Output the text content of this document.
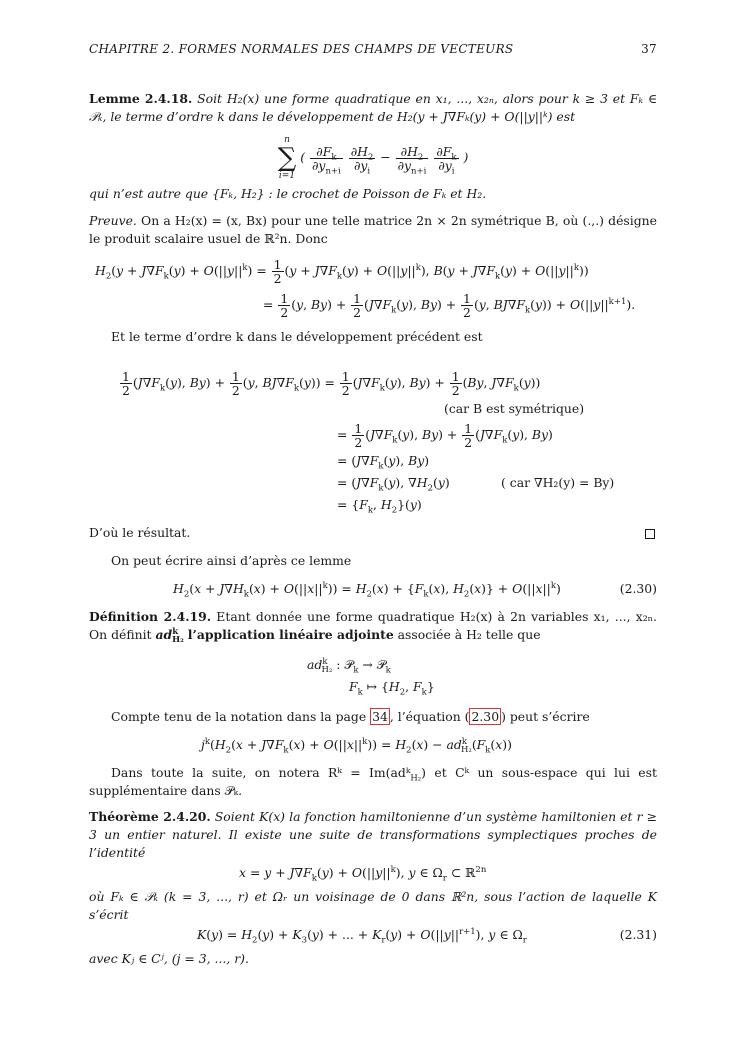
CHAPITRE 2. FORMES NORMALES DES CHAMPS DE VECTEURS	37

Lemme 2.4.18. Soit H₂(x) une forme quadratique en x₁, ..., x₂ₙ, alors pour k ≥ 3 et Fₖ ∈ 𝒫ₖ, le terme d’ordre k dans le développement de H₂(y + J∇Fₖ(y) + O(||y||ᵏ) est

n
∑
i=1
( $\frac{\partial F_k}{\partial y_{n+i}}$
$\frac{\partial H_2}{\partial y_i} - \frac{\partial H_2}{\partial y_{n+i}}$
$\frac{\partial F_k}{\partial y_i}$ )

qui n’est autre que {Fₖ, H₂} : le crochet de Poisson de Fₖ et H₂.

Preuve. On a H₂(x) = (x, Bx) pour une telle matrice 2n × 2n symétrique B, où (.,.) désigne le produit scalaire usuel de ℝ²n. Donc

$H_2(y + J\nabla F_k(y) + O(||y||^k) = \frac{1}{2} (y + J\nabla F_k(y) + O(||y||^k)$, $B(y + J\nabla F_k(y) + O(||y||^k))$
= $\frac{1}{2} (y$, $By) + \frac{1}{2} (J\nabla F_k(y)$, $By) + \frac{1}{2} (y$, $BJ\nabla F_k(y)) + O(||y||^{k+1})$.

Et le terme d’ordre k dans le développement précédent est

$\frac{1}{2} (J\nabla F_k(y)$, $By) + \frac{1}{2} (y$, $BJ\nabla F_k(y)) = \frac{1}{2} (J\nabla F_k(y)$, $By) + \frac{1}{2} (By$, $J\nabla F_k(y)$)
(car B est symétrique)
= $\frac{1}{2} (J\nabla F_k(y)$, $By) + \frac{1}{2} (J\nabla F_k(y)$, By)
= ($J\nabla F_k(y)$, By)
= ($J\nabla F_k(y)$, $\nabla H_2(y)$	( car ∇H₂(y) = By)
= {$F_k$, $H_2\}(y)$

D’où le résultat.

On peut écrire ainsi d’après ce lemme

$H_2(x + J\nabla H_k(x) + O(||x||^k)) = H_2(x) + \{F_k(x)$, $H_2(x)\} + O(||x||^k)$	(2.30)

Définition 2.4.19. Etant donnée une forme quadratique H₂(x) à 2n variables x₁, ..., x₂ₙ. On définit $ad^k_{H_2}$ l’application linéaire adjointe associée à H₂ telle que

$ad^k_{H_2}$ : 𝒫$_k$ → 𝒫$_k$
$F_k$ ↦ {$H_2$, $F_k$}

Compte tenu de la notation dans la page 34 , l’équation ( 2.30 ) peut s’écrire

$j^k(H_2(x + J\nabla F_k(x) + O(||x||^k)) = H_2(x) - ad^k_{H_2}(F_k(x))$

Dans toute la suite, on notera Rᵏ = Im(adᵏ$_{H_2}$) et Cᵏ un sous-espace qui lui est supplémentaire dans 𝒫ₖ.

Théorème 2.4.20. Soient K(x) la fonction hamiltonienne d’un système hamiltonien et r ≥ 3 un entier naturel. Il existe une suite de transformations symplectiques proches de l’identité

$x = y + J\nabla F_k(y) + O(||y||^k)$, y ∈ $\Omega_r$ ⊂ ℝ$^{2n}$

où Fₖ ∈ 𝒫ₖ (k = 3, ..., r) et Ωᵣ un voisinage de 0 dans ℝ²n, sous l’action de laquelle K s’écrit

$K(y) = H_2(y) + K_3(y)$ + ... + $K_r(y) + O(||y||^{r+1})$, y ∈ $\Omega_r$	(2.31)

avec Kⱼ ∈ Cʲ, (j = 3, ..., r).
